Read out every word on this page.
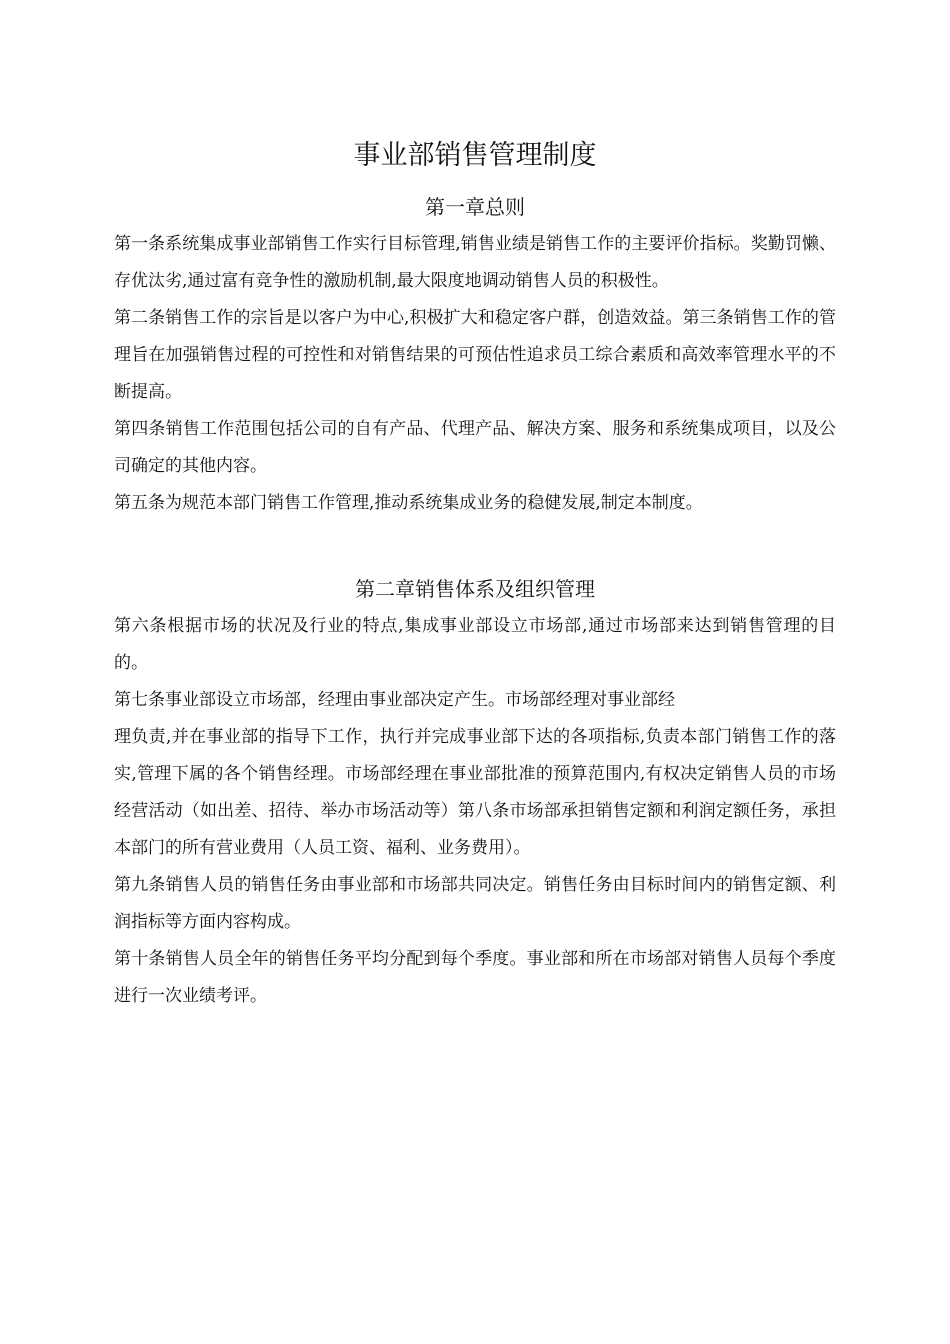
事业部销售管理制度
第一章总则

第一条系统集成事业部销售工作实行目标管理,销售业绩是销售工作的主要评价指标。奖勤罚懒、存优汰劣,通过富有竞争性的激励机制,最大限度地调动销售人员的积极性。

第二条销售工作的宗旨是以客户为中心,积极扩大和稳定客户群，创造效益。第三条销售工作的管理旨在加强销售过程的可控性和对销售结果的可预估性追求员工综合素质和高效率管理水平的不断提高。

第四条销售工作范围包括公司的自有产品、代理产品、解决方案、服务和系统集成项目，以及公司确定的其他内容。

第五条为规范本部门销售工作管理,推动系统集成业务的稳健发展,制定本制度。

第二章销售体系及组织管理

第六条根据市场的状况及行业的特点,集成事业部设立市场部,通过市场部来达到销售管理的目的。

第七条事业部设立市场部，经理由事业部决定产生。市场部经理对事业部经

理负责,并在事业部的指导下工作，执行并完成事业部下达的各项指标,负责本部门销售工作的落实,管理下属的各个销售经理。市场部经理在事业部批准的预算范围内,有权决定销售人员的市场经营活动（如出差、招待、举办市场活动等）第八条市场部承担销售定额和利润定额任务，承担本部门的所有营业费用（人员工资、福利、业务费用）。

第九条销售人员的销售任务由事业部和市场部共同决定。销售任务由目标时间内的销售定额、利润指标等方面内容构成。

第十条销售人员全年的销售任务平均分配到每个季度。事业部和所在市场部对销售人员每个季度进行一次业绩考评。
